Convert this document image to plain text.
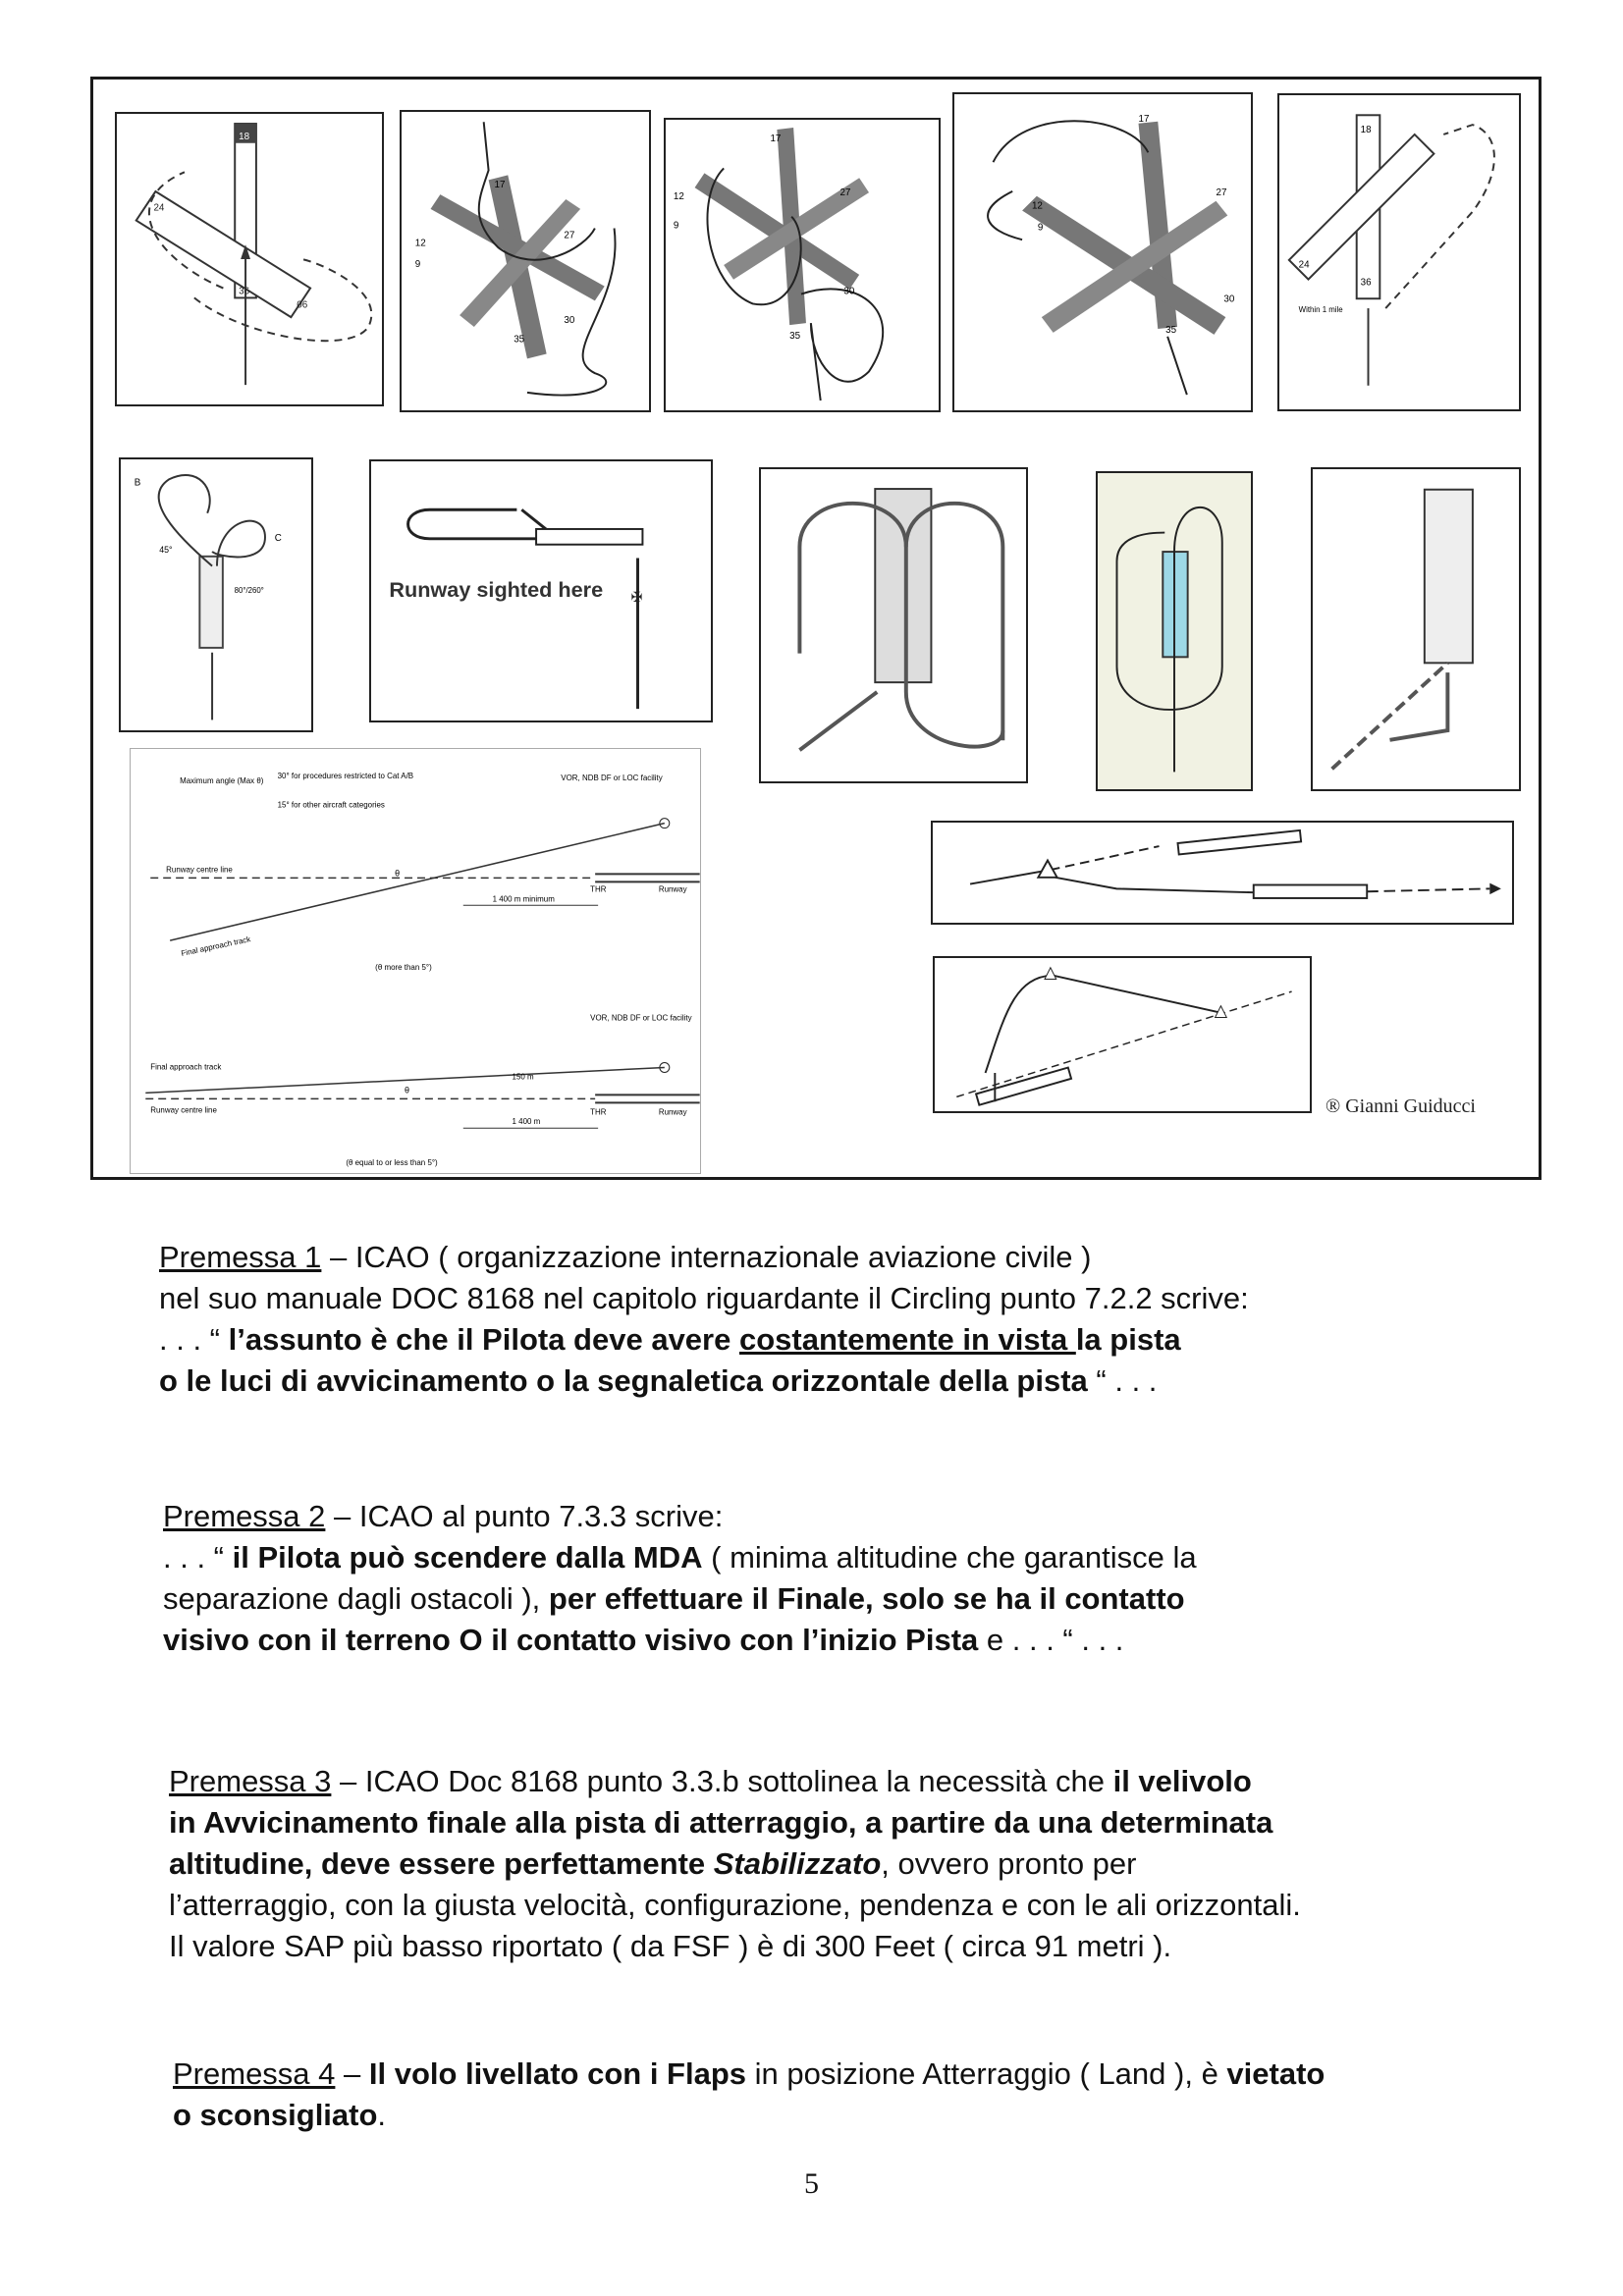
18
36
24
06
17
12
9
27
30
35
17
12
9
27
30
35
17
12
9
27
30
35
18
36
24
Within 1 mile
B
C
45°
80°/260°	✠
Runway sighted here
Maximum angle (Max θ)
30° for procedures restricted to Cat A/B
15° for other aircraft categories
VOR, NDB DF or LOC facility
Runway centre line	θ
1 400 m minimum
THR	Runway
Final approach track
(θ more than 5°)
VOR, NDB DF or LOC facility
Final approach track
Runway centre line
150 m
θ
1 400 m
THR	Runway
(θ equal to or less than 5°)
® Gianni Guiducci

Premessa 1 – ICAO ( organizzazione internazionale aviazione civile )

nel suo manuale DOC 8168 nel capitolo riguardante il Circling punto 7.2.2 scrive:

. . . “ l’assunto è che il Pilota deve avere costantemente in vista la pista

o le luci di avvicinamento o la segnaletica orizzontale della pista “ . . .

Premessa 2 – ICAO al punto 7.3.3 scrive:

. . . “ il Pilota può scendere dalla MDA ( minima altitudine che garantisce la

separazione dagli ostacoli ), per effettuare il Finale, solo se ha il contatto

visivo con il terreno O il contatto visivo con l’inizio Pista e . . . “ . . .

Premessa 3 – ICAO Doc 8168 punto 3.3.b sottolinea la necessità che il velivolo

in Avvicinamento finale alla pista di atterraggio, a partire da una determinata

altitudine, deve essere perfettamente Stabilizzato, ovvero pronto per

l’atterraggio, con la giusta velocità, configurazione, pendenza e con le ali orizzontali.

Il valore SAP più basso riportato ( da FSF ) è di 300 Feet ( circa 91 metri ).

Premessa 4 – Il volo livellato con i Flaps in posizione Atterraggio ( Land ), è vietato

o sconsigliato.

5
